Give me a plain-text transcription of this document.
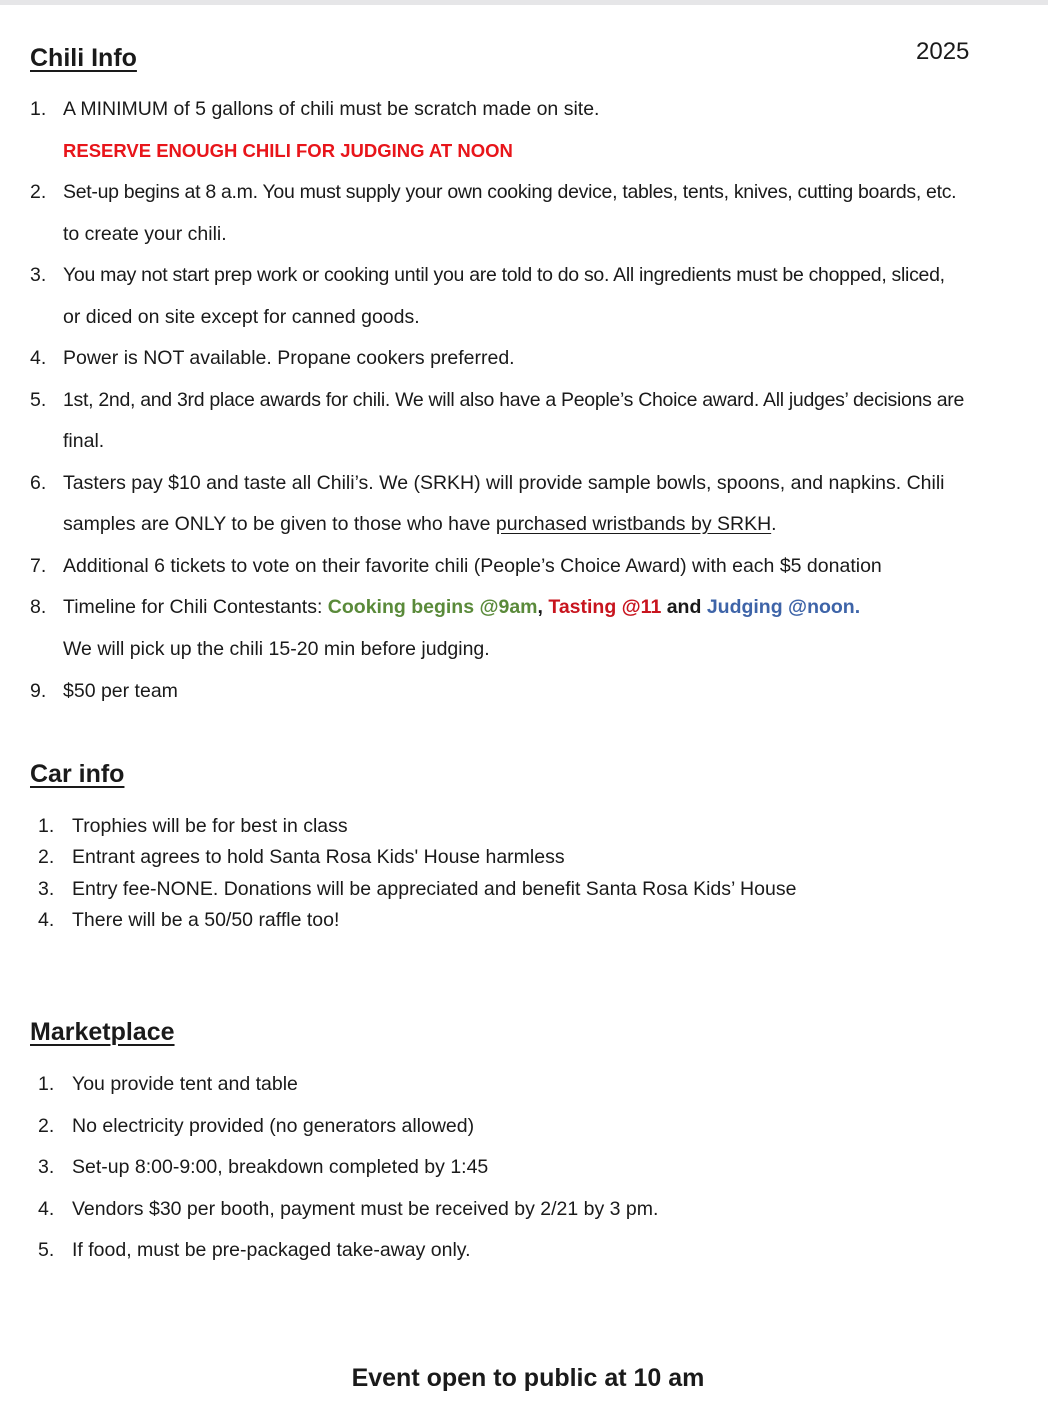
Chili Info	2025
1. A MINIMUM of 5 gallons of chili must be scratch made on site.
RESERVE ENOUGH CHILI FOR JUDGING AT NOON
2. Set-up begins at 8 a.m. You must supply your own cooking device, tables, tents, knives, cutting boards, etc.
to create your chili.
3. You may not start prep work or cooking until you are told to do so. All ingredients must be chopped, sliced,
or diced on site except for canned goods.
4. Power is NOT available. Propane cookers preferred.
5. 1st, 2nd, and 3rd place awards for chili. We will also have a People’s Choice award. All judges’ decisions are
final.
6. Tasters pay $10 and taste all Chili’s. We (SRKH) will provide sample bowls, spoons, and napkins. Chili
samples are ONLY to be given to those who have purchased wristbands by SRKH.
7. Additional 6 tickets to vote on their favorite chili (People’s Choice Award) with each $5 donation
8. Timeline for Chili Contestants: Cooking begins @9am, Tasting @11 and Judging @noon.
We will pick up the chili 15-20 min before judging.
9. $50 per team
Car info
1. Trophies will be for best in class
2. Entrant agrees to hold Santa Rosa Kids' House harmless
3. Entry fee-NONE. Donations will be appreciated and benefit Santa Rosa Kids’ House
4. There will be a 50/50 raffle too!
Marketplace
1. You provide tent and table
2. No electricity provided (no generators allowed)
3. Set-up 8:00-9:00, breakdown completed by 1:45
4. Vendors $30 per booth, payment must be received by 2/21 by 3 pm.
5. If food, must be pre-packaged take-away only.
Event open to public at 10 am
